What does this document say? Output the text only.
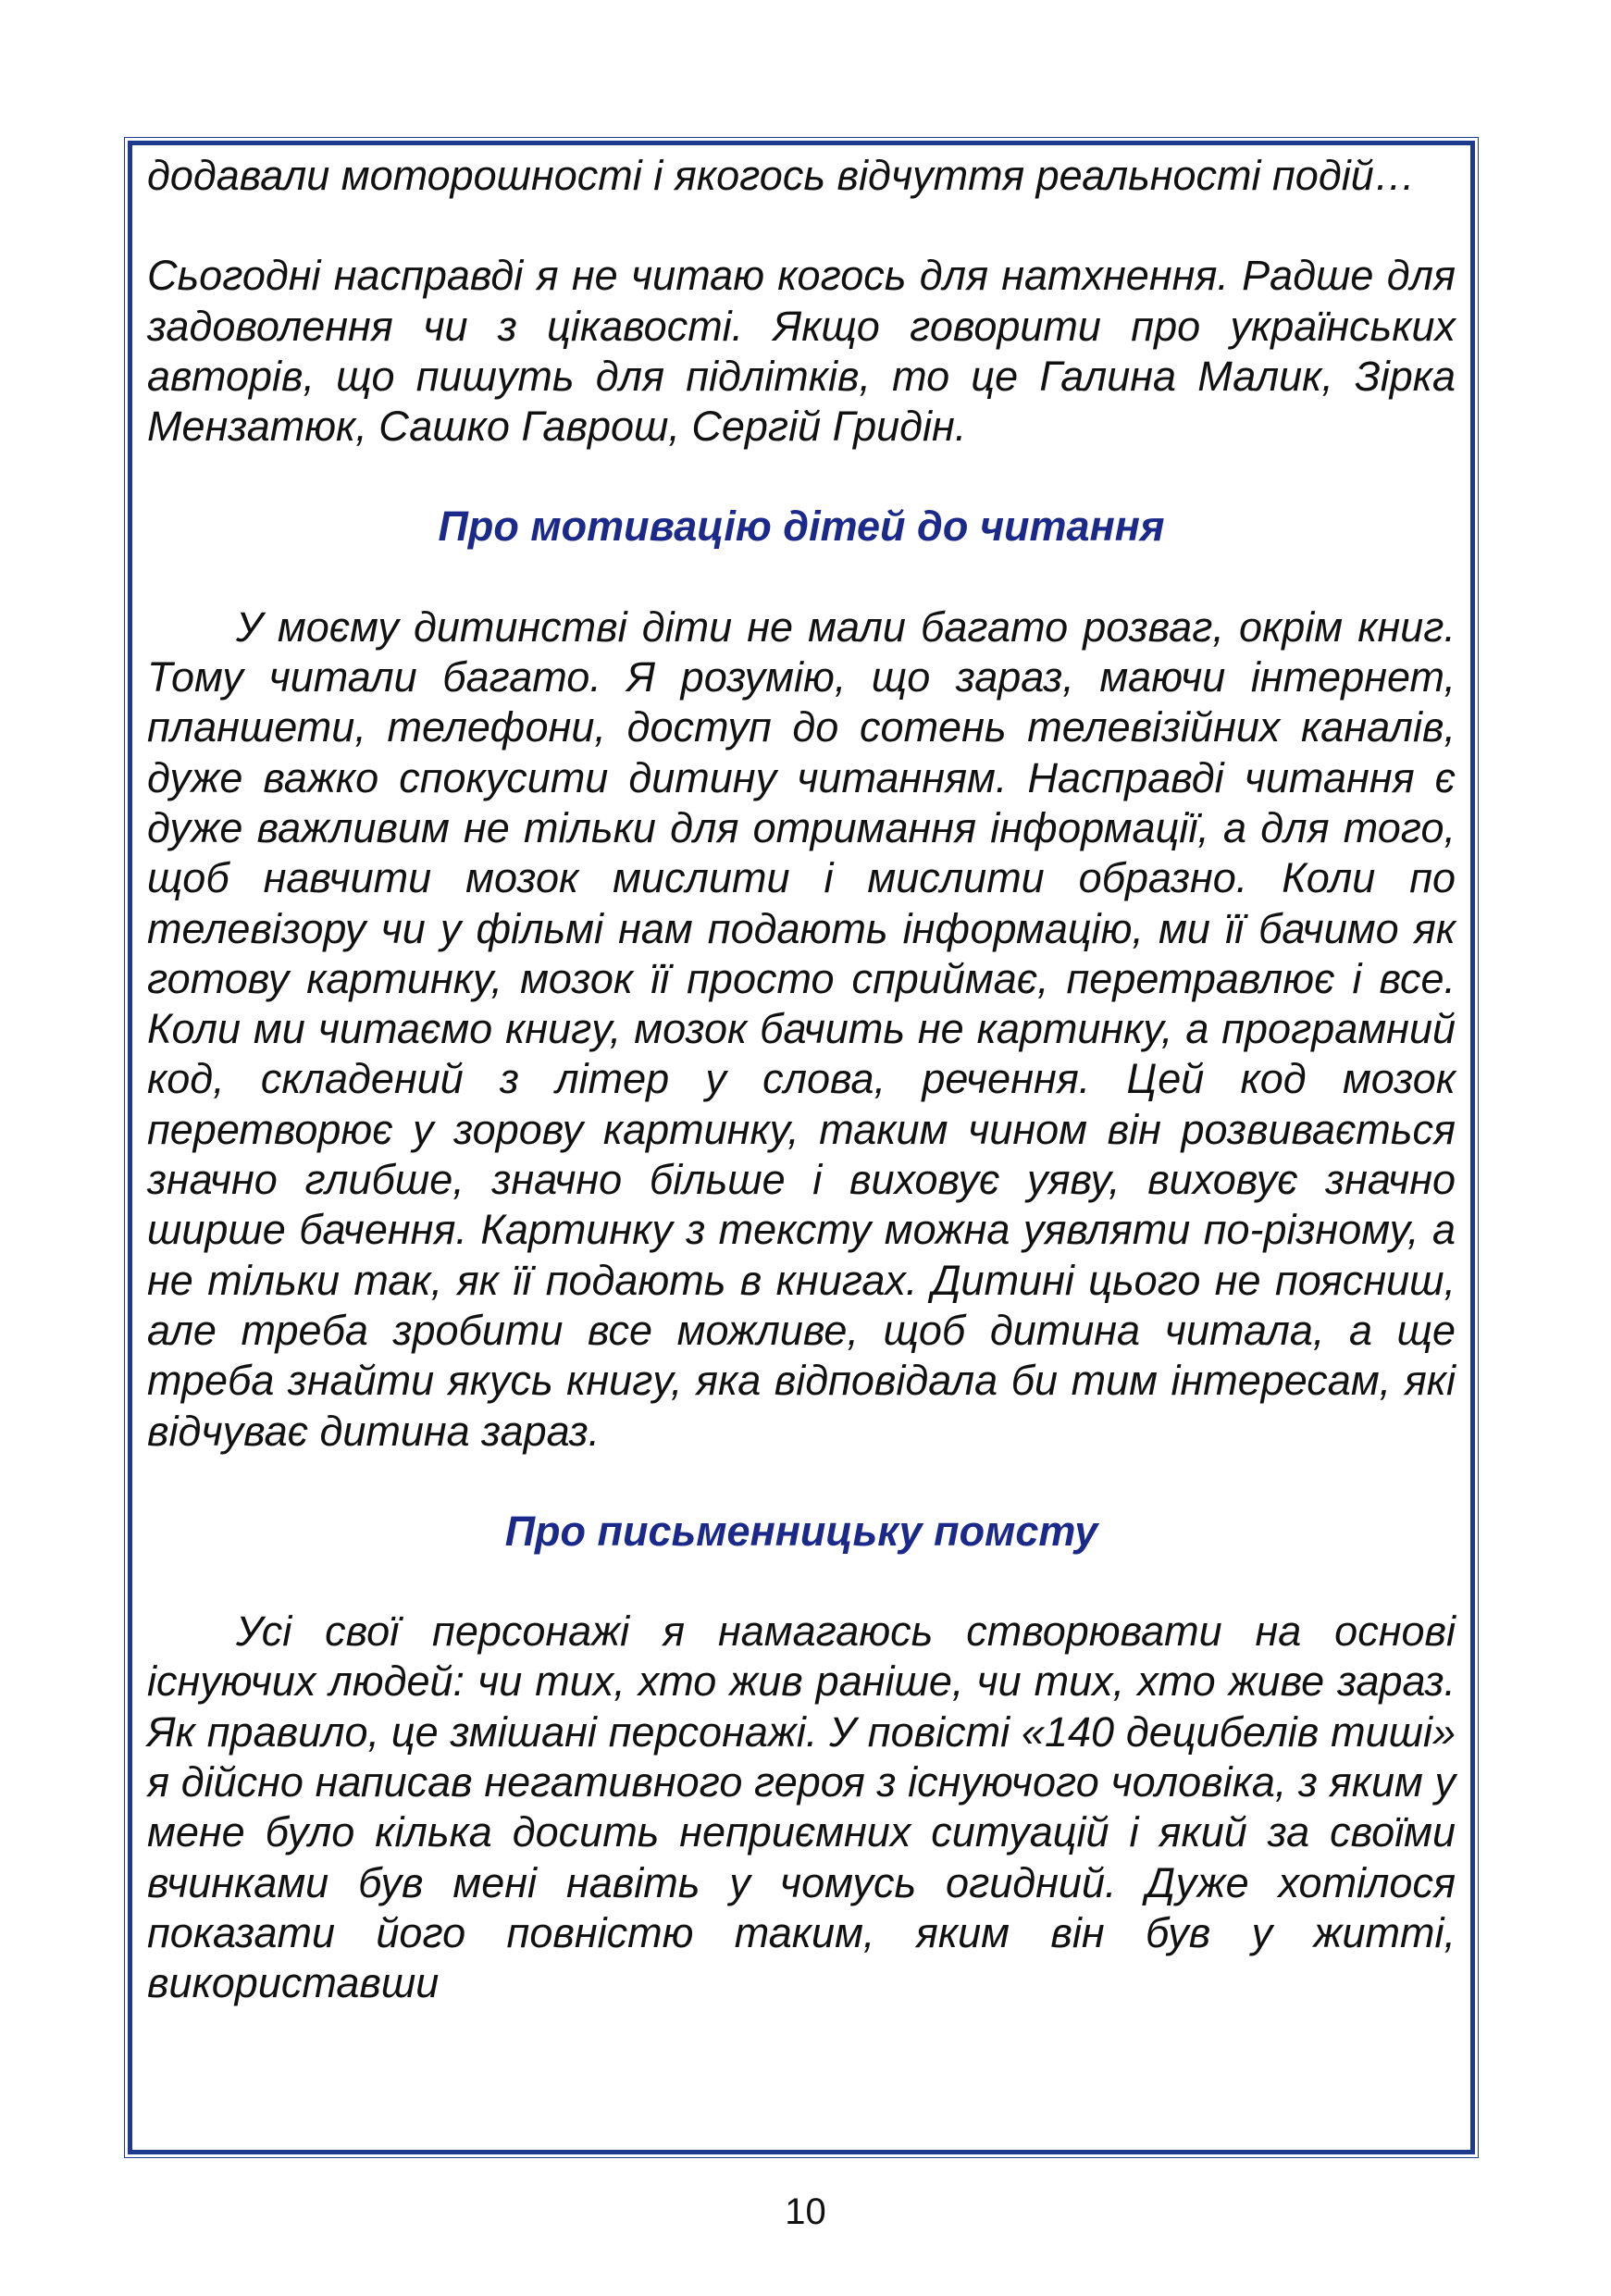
додавали моторошності і якогось відчуття реальності подій…

Сьогодні насправді я не читаю когось для натхнення. Радше для задоволення чи з цікавості. Якщо говорити про українських авторів, що пишуть для підлітків, то це Галина Малик, Зірка Мензатюк, Сашко Гаврош, Сергій Гридін.

Про мотивацію дітей до читання

У моєму дитинстві діти не мали багато розваг, окрім книг. Тому читали багато. Я розумію, що зараз, маючи інтернет, планшети, телефони, доступ до сотень телевізійних каналів, дуже важко спокусити дитину читанням. Насправді читання є дуже важливим не тільки для отримання інформації, а для того, щоб навчити мозок мислити і мислити образно. Коли по телевізору чи у фільмі нам подають інформацію, ми її бачимо як готову картинку, мозок її просто сприймає, перетравлює і все. Коли ми читаємо книгу, мозок бачить не картинку, а програмний код, складений з літер у слова, речення. Цей код мозок перетворює у зорову картинку, таким чином він розвивається значно глибше, значно більше і виховує уяву, виховує значно ширше бачення. Картинку з тексту можна уявляти по-різному, а не тільки так, як її подають в книгах. Дитині цього не поясниш, але треба зробити все можливе, щоб дитина читала, а ще треба знайти якусь книгу, яка відповідала би тим інтересам, які відчуває дитина зараз.

Про письменницьку помсту

Усі свої персонажі я намагаюсь створювати на основі існуючих людей: чи тих, хто жив раніше, чи тих, хто живе зараз. Як правило, це змішані персонажі. У повісті «140 децибелів тиші» я дійсно написав негативного героя з існуючого чоловіка, з яким у мене було кілька досить неприємних ситуацій і який за своїми вчинками був мені навіть у чомусь огидний. Дуже хотілося показати його повністю таким, яким він був у житті, використавши

10
